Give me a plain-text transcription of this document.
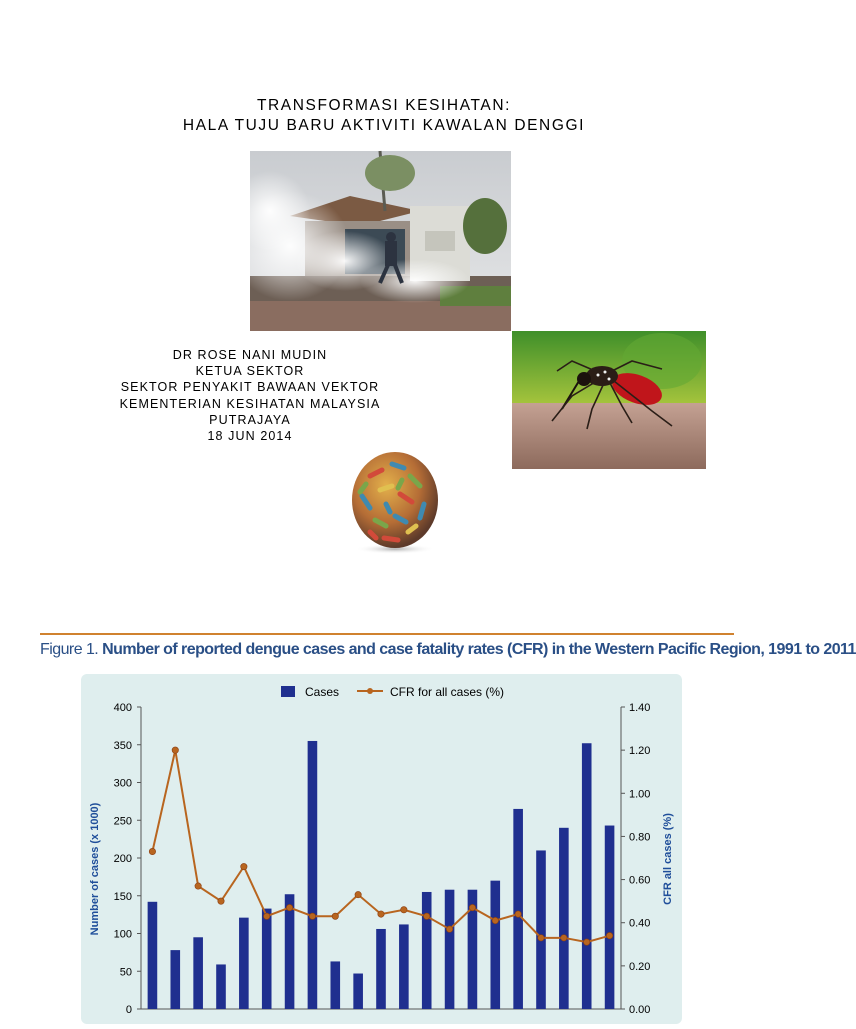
TRANSFORMASI KESIHATAN:
HALA TUJU BARU AKTIVITI KAWALAN DENGGI
DR ROSE NANI MUDIN
KETUA SEKTOR
SEKTOR PENYAKIT BAWAAN VEKTOR
KEMENTERIAN KESIHATAN MALAYSIA
PUTRAJAYA
18 JUN 2014
Figure 1. Number of reported dengue cases and case fatality rates (CFR) in the Western Pacific Region, 1991 to 2011
Cases	CFR for all cases (%)
Number of cases (x 1000)	CFR all cases (%)
0
50
100
150
200
250
300
350
400
0.00
0.20
0.40
0.60
0.80
1.00
1.20
1.40
